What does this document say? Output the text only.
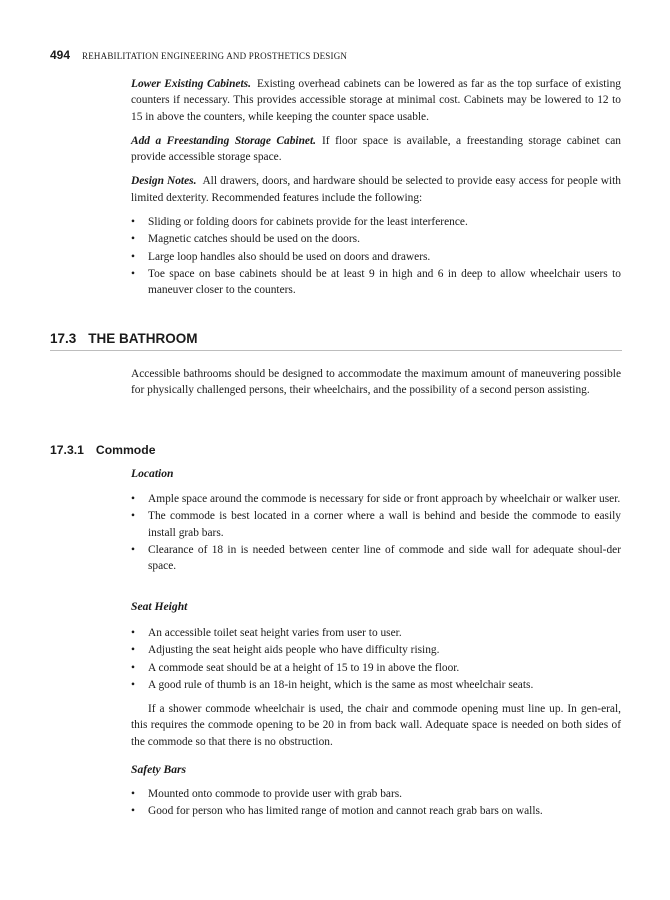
494 REHABILITATION ENGINEERING AND PROSTHETICS DESIGN

Lower Existing Cabinets. Existing overhead cabinets can be lowered as far as the top surface of existing counters if necessary. This provides accessible storage at minimal cost. Cabinets may be lowered to 12 to 15 in above the counters, while keeping the counter space usable.

Add a Freestanding Storage Cabinet. If floor space is available, a freestanding storage cabinet can provide accessible storage space.

Design Notes. All drawers, doors, and hardware should be selected to provide easy access for people with limited dexterity. Recommended features include the following:

• Sliding or folding doors for cabinets provide for the least interference.
• Magnetic catches should be used on the doors.
• Large loop handles also should be used on doors and drawers.
• Toe space on base cabinets should be at least 9 in high and 6 in deep to allow wheelchair users to maneuver closer to the counters.
17.3 THE BATHROOM

Accessible bathrooms should be designed to accommodate the maximum amount of maneuvering possible for physically challenged persons, their wheelchairs, and the possibility of a second person assisting.

17.3.1 Commode
Location
• Ample space around the commode is necessary for side or front approach by wheelchair or walker user.
• The commode is best located in a corner where a wall is behind and beside the commode to easily install grab bars.
• Clearance of 18 in is needed between center line of commode and side wall for adequate shoul-der space.
Seat Height
• An accessible toilet seat height varies from user to user.
• Adjusting the seat height aids people who have difficulty rising.
• A commode seat should be at a height of 15 to 19 in above the floor.
• A good rule of thumb is an 18-in height, which is the same as most wheelchair seats.

If a shower commode wheelchair is used, the chair and commode opening must line up. In gen-eral, this requires the commode opening to be 20 in from back wall. Adequate space is needed on both sides of the commode so that there is no obstruction.

Safety Bars
• Mounted onto commode to provide user with grab bars.
• Good for person who has limited range of motion and cannot reach grab bars on walls.
